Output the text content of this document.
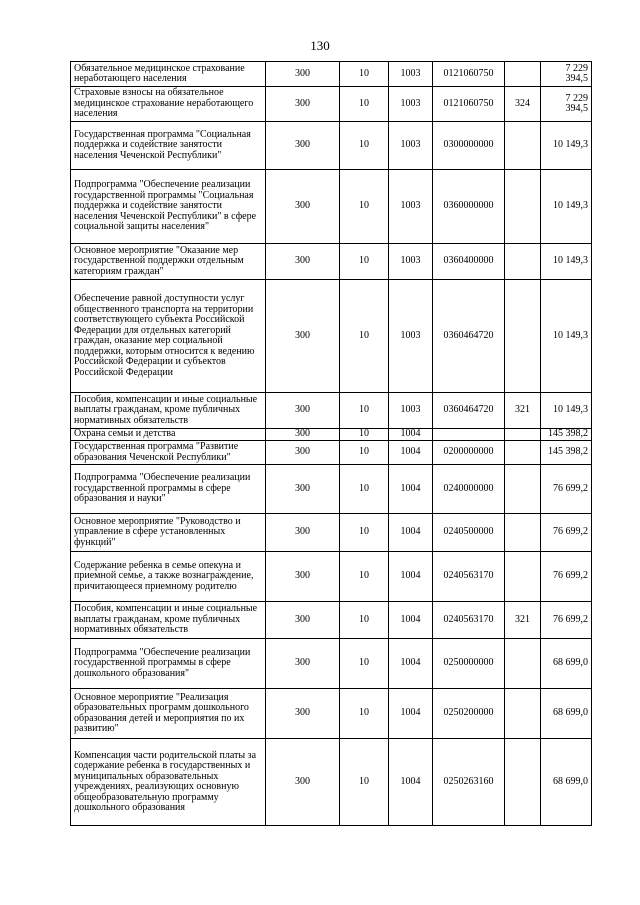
130
Обязательное медицинское страхование неработающего населения	300	10	1003	0121060750		7 229 394,5
Страховые взносы на обязательное медицинское страхование неработающего населения	300	10	1003	0121060750	324	7 229 394,5
Государственная программа "Социальная поддержка и содействие занятости населения Чеченской Республики"	300	10	1003	0300000000		10 149,3
Подпрограмма "Обеспечение реализации государственной программы "Социальная поддержка и содействие занятости населения Чеченской Республики" в сфере социальной защиты населения"	300	10	1003	0360000000		10 149,3
Основное мероприятие "Оказание мер государственной поддержки отдельным категориям граждан"	300	10	1003	0360400000		10 149,3
Обеспечение равной доступности услуг общественного транспорта на территории соответствующего субъекта Российской Федерации для отдельных категорий граждан, оказание мер социальной поддержки, которым относится к ведению Российской Федерации и субъектов Российской Федерации	300	10	1003	0360464720		10 149,3
Пособия, компенсации и иные социальные выплаты гражданам, кроме публичных нормативных обязательств	300	10	1003	0360464720	321	10 149,3
Охрана семьи и детства	300	10	1004			145 398,2
Государственная программа "Развитие образования Чеченской Республики"	300	10	1004	0200000000		145 398,2
Подпрограмма "Обеспечение реализации государственной программы в сфере образования и науки"	300	10	1004	0240000000		76 699,2
Основное мероприятие "Руководство и управление в сфере установленных функций"	300	10	1004	0240500000		76 699,2
Содержание ребенка в семье опекуна и приемной семье, а также вознаграждение, причитающееся приемному родителю	300	10	1004	0240563170		76 699,2
Пособия, компенсации и иные социальные выплаты гражданам, кроме публичных нормативных обязательств	300	10	1004	0240563170	321	76 699,2
Подпрограмма "Обеспечение реализации государственной программы в сфере дошкольного образования"	300	10	1004	0250000000		68 699,0
Основное мероприятие "Реализация образовательных программ дошкольного образования детей и мероприятия по их развитию"	300	10	1004	0250200000		68 699,0
Компенсация части родительской платы за содержание ребенка в государственных и муниципальных образовательных учреждениях, реализующих основную общеобразовательную программу дошкольного образования	300	10	1004	0250263160		68 699,0
